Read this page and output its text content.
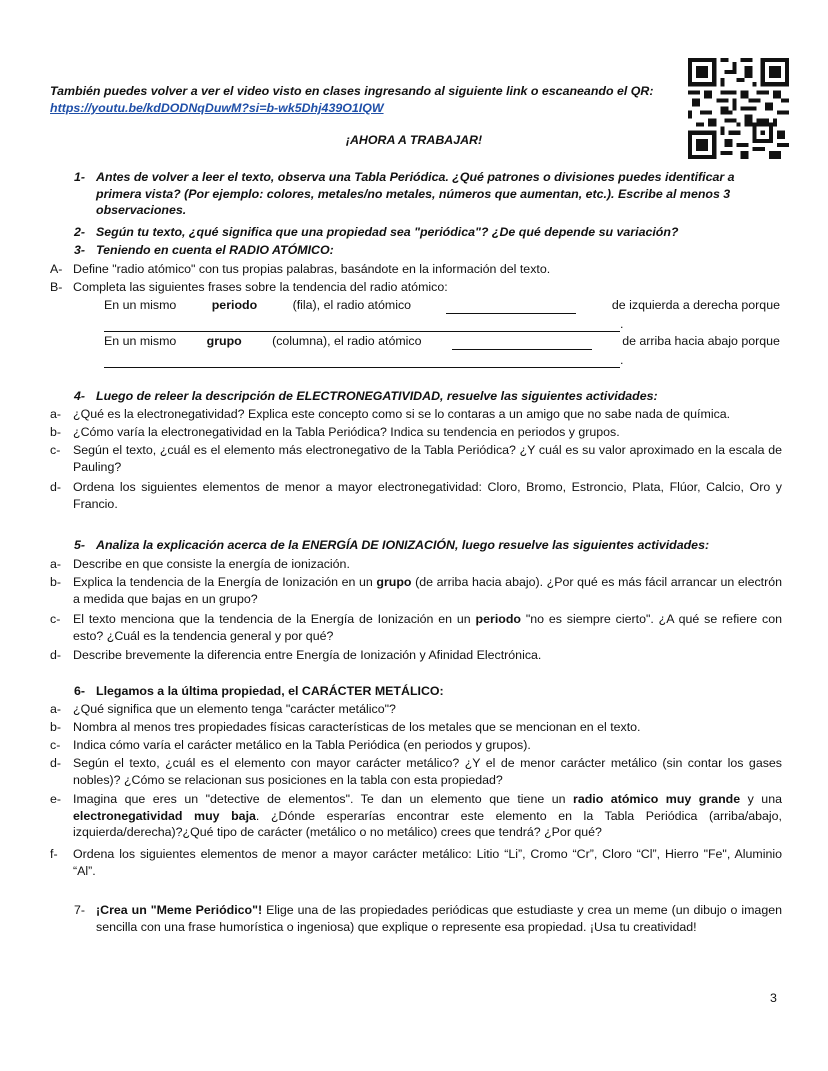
También puedes volver a ver el video visto en clases ingresando al siguiente link o escaneando el QR:
https://youtu.be/kdDODNqDuwM?si=b-wk5Dhj439O1IQW
¡AHORA A TRABAJAR!
1- Antes de volver a leer el texto, observa una Tabla Periódica. ¿Qué patrones o divisiones puedes identificar a primera vista? (Por ejemplo: colores, metales/no metales, números que aumentan, etc.). Escribe al menos 3 observaciones.
2- Según tu texto, ¿qué significa que una propiedad sea "periódica"? ¿De qué depende su variación?
3- Teniendo en cuenta el RADIO ATÓMICO:
A- Define "radio atómico" con tus propias palabras, basándote en la información del texto.
B- Completa las siguientes frases sobre la tendencia del radio atómico:
En un mismo	periodo	(fila), el radio atómico	de izquierda a derecha porque
.
En un mismo grupo (columna), el radio atómico	de arriba hacia abajo porque
.
4- Luego de releer la descripción de ELECTRONEGATIVIDAD, resuelve las siguientes actividades:
a- ¿Qué es la electronegatividad? Explica este concepto como si se lo contaras a un amigo que no sabe nada de química.
b- ¿Cómo varía la electronegatividad en la Tabla Periódica? Indica su tendencia en periodos y grupos.
c- Según el texto, ¿cuál es el elemento más electronegativo de la Tabla Periódica? ¿Y cuál es su valor aproximado en la escala de Pauling?
d- Ordena los siguientes elementos de menor a mayor electronegatividad: Cloro, Bromo, Estroncio, Plata, Flúor, Calcio, Oro y Francio.
5- Analiza la explicación acerca de la ENERGÍA DE IONIZACIÓN, luego resuelve las siguientes actividades:
a- Describe en que consiste la energía de ionización.
b- Explica la tendencia de la Energía de Ionización en un grupo (de arriba hacia abajo). ¿Por qué es más fácil arrancar un electrón a medida que bajas en un grupo?
c- El texto menciona que la tendencia de la Energía de Ionización en un periodo "no es siempre cierto". ¿A qué se refiere con esto? ¿Cuál es la tendencia general y por qué?
d- Describe brevemente la diferencia entre Energía de Ionización y Afinidad Electrónica.
6- Llegamos a la última propiedad, el CARÁCTER METÁLICO:
a- ¿Qué significa que un elemento tenga "carácter metálico"?
b- Nombra al menos tres propiedades físicas características de los metales que se mencionan en el texto.
c- Indica cómo varía el carácter metálico en la Tabla Periódica (en periodos y grupos).
d- Según el texto, ¿cuál es el elemento con mayor carácter metálico? ¿Y el de menor carácter metálico (sin contar los gases nobles)? ¿Cómo se relacionan sus posiciones en la tabla con esta propiedad?
e- Imagina que eres un "detective de elementos". Te dan un elemento que tiene un radio atómico muy grande y una electronegatividad muy baja. ¿Dónde esperarías encontrar este elemento en la Tabla Periódica (arriba/abajo, izquierda/derecha)?¿Qué tipo de carácter (metálico o no metálico) crees que tendrá? ¿Por qué?
f- Ordena los siguientes elementos de menor a mayor carácter metálico: Litio “Li”, Cromo “Cr”, Cloro “Cl”, Hierro "Fe", Aluminio “Al”.
7- ¡Crea un "Meme Periódico"! Elige una de las propiedades periódicas que estudiaste y crea un meme (un dibujo o imagen sencilla con una frase humorística o ingeniosa) que explique o represente esa propiedad. ¡Usa tu creatividad!
3
